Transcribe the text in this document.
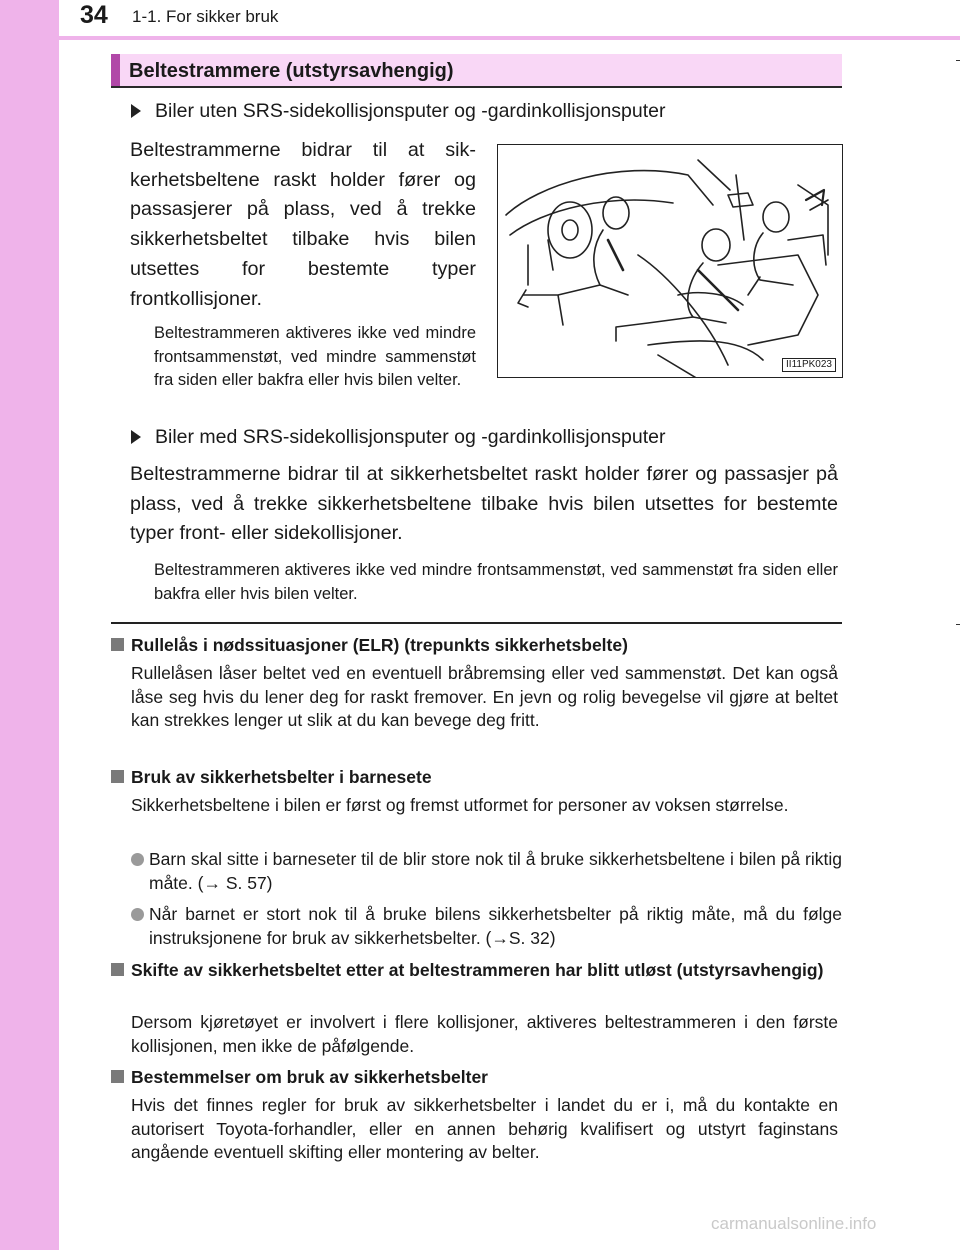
34 1-1. For sikker bruk
Beltestrammere (utstyrsavhengig)
Biler uten SRS-sidekollisjonsputer og -gardinkollisjonsputer
Beltestrammerne bidrar til at sikkerhetsbeltene raskt holder fører og passasjerer på plass, ved å trekke sikkerhetsbeltet tilbake hvis bilen utsettes for bestemte typer frontkollisjoner.
Beltestrammeren aktiveres ikke ved mindre frontsammenstøt, ved mindre sammenstøt fra siden eller bakfra eller hvis bilen velter.
II11PK023
Biler med SRS-sidekollisjonsputer og -gardinkollisjonsputer
Beltestrammerne bidrar til at sikkerhetsbeltet raskt holder fører og passasjer på plass, ved å trekke sikkerhetsbeltene tilbake hvis bilen utsettes for bestemte typer front- eller sidekollisjoner.
Beltestrammeren aktiveres ikke ved mindre frontsammenstøt, ved sammenstøt fra siden eller bakfra eller hvis bilen velter.
Rullelås i nødssituasjoner (ELR) (trepunkts sikkerhetsbelte)
Rullelåsen låser beltet ved en eventuell bråbremsing eller ved sammenstøt. Det kan også låse seg hvis du lener deg for raskt fremover. En jevn og rolig bevegelse vil gjøre at beltet kan strekkes lenger ut slik at du kan bevege deg fritt.
Bruk av sikkerhetsbelter i barnesete
Sikkerhetsbeltene i bilen er først og fremst utformet for personer av voksen størrelse.
Barn skal sitte i barneseter til de blir store nok til å bruke sikkerhetsbeltene i bilen på riktig måte. (→ S. 57)
Når barnet er stort nok til å bruke bilens sikkerhetsbelter på riktig måte, må du følge instruksjonene for bruk av sikkerhetsbelter. (→S. 32)
Skifte av sikkerhetsbeltet etter at beltestrammeren har blitt utløst (utstyrsavhengig)
Dersom kjøretøyet er involvert i flere kollisjoner, aktiveres beltestrammeren i den første kollisjonen, men ikke de påfølgende.
Bestemmelser om bruk av sikkerhetsbelter
Hvis det finnes regler for bruk av sikkerhetsbelter i landet du er i, må du kontakte en autorisert Toyota-forhandler, eller en annen behørig kvalifisert og utstyrt faginstans angående eventuell skifting eller montering av belter.
carmanualsonline.info
